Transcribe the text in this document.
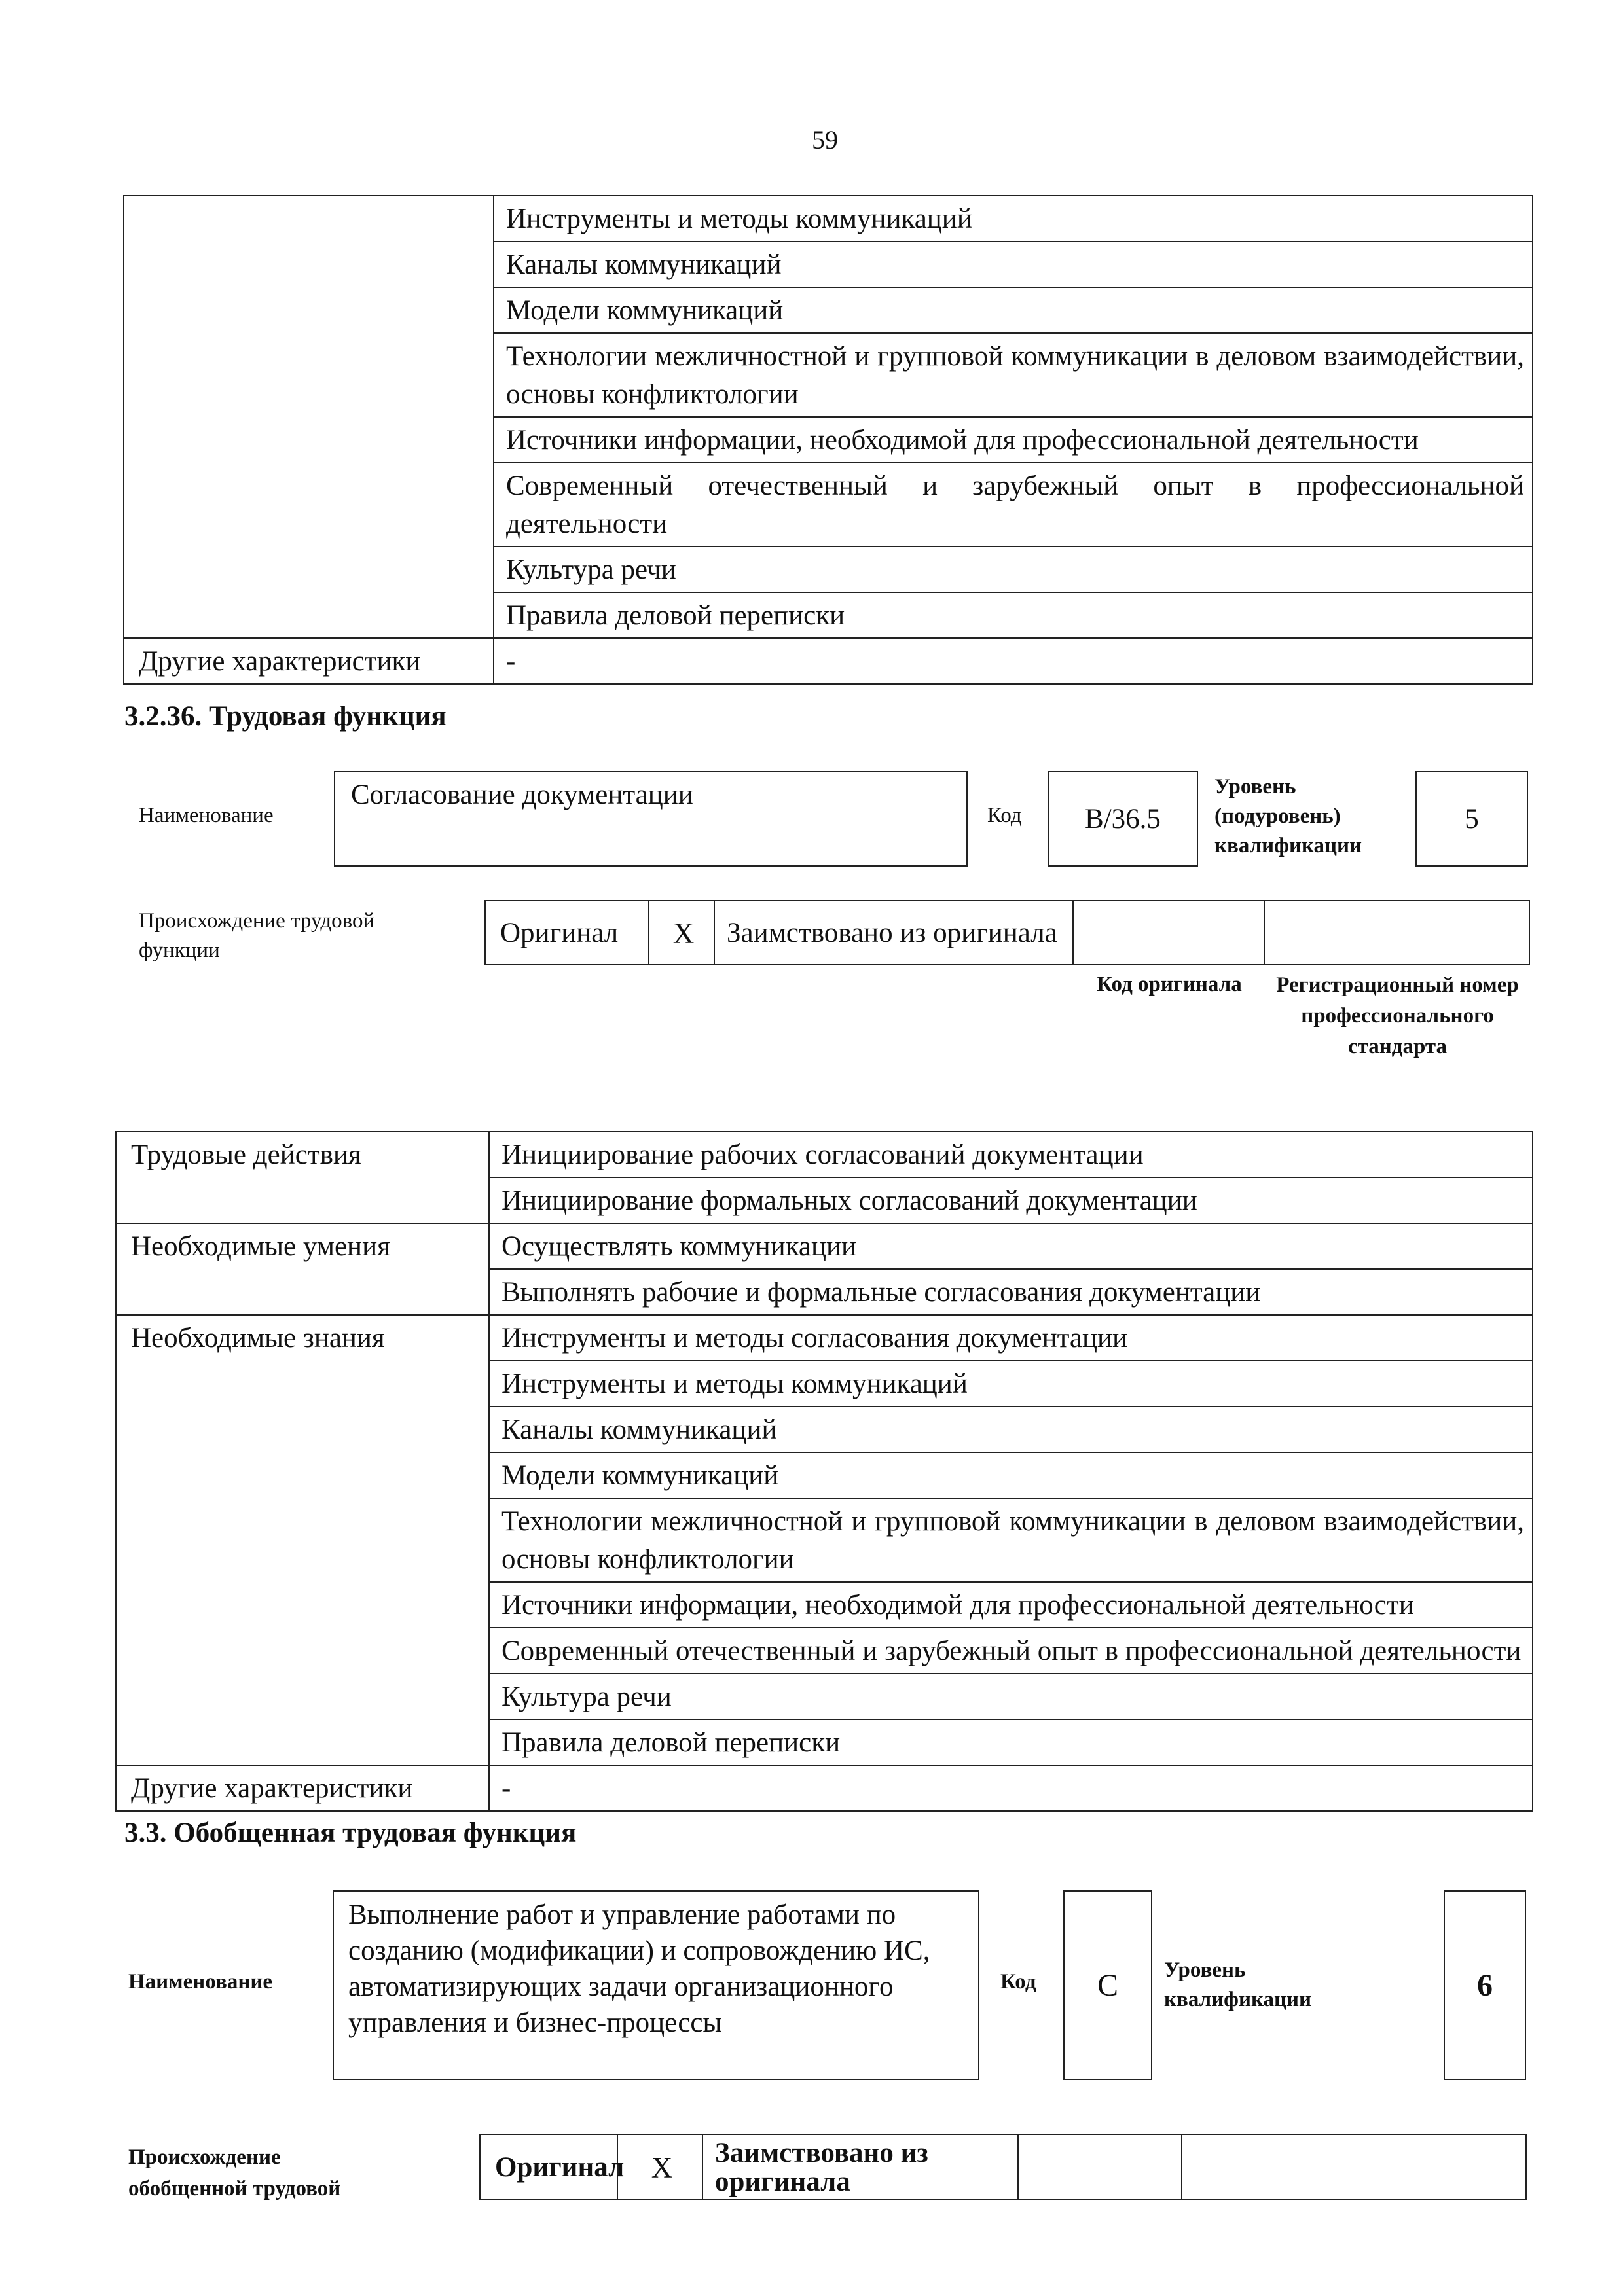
59
	Инструменты и методы коммуникаций
	Каналы коммуникаций
	Модели коммуникаций
	Технологии межличностной и групповой коммуникации в деловом взаимодействии, основы конфликтологии
	Источники информации, необходимой для профессиональной деятельности
	Современный отечественный и зарубежный опыт в профессиональной деятельности
	Культура речи
	Правила деловой переписки
Другие характеристики	-
3.2.36. Трудовая функция
Наименование
Согласование документации
Код B/36.5
Уровень (подуровень) квалификации
5
Происхождение трудовой функции
Оригинал	X	Заимствовано из оригинала		
Код оригинала	Регистрационный номер профессионального стандарта
Трудовые действия	Инициирование рабочих согласований документации
	Инициирование формальных согласований документации
Необходимые умения	Осуществлять коммуникации
	Выполнять рабочие и формальные согласования документации
Необходимые знания	Инструменты и методы согласования документации
	Инструменты и методы коммуникаций
	Каналы коммуникаций
	Модели коммуникаций
	Технологии межличностной и групповой коммуникации в деловом взаимодействии, основы конфликтологии
	Источники информации, необходимой для профессиональной деятельности
	Современный отечественный и зарубежный опыт в профессиональной деятельности
	Культура речи
	Правила деловой переписки
Другие характеристики	-
3.3. Обобщенная трудовая функция
Наименование
Выполнение работ и управление работами по созданию (модификации) и сопровождению ИС, автоматизирующих задачи организационного управления и бизнес-процессы
Код C Уровень квалификации	6
Происхождение обобщенной трудовой
Оригинал	X	Заимствовано из оригинала		
